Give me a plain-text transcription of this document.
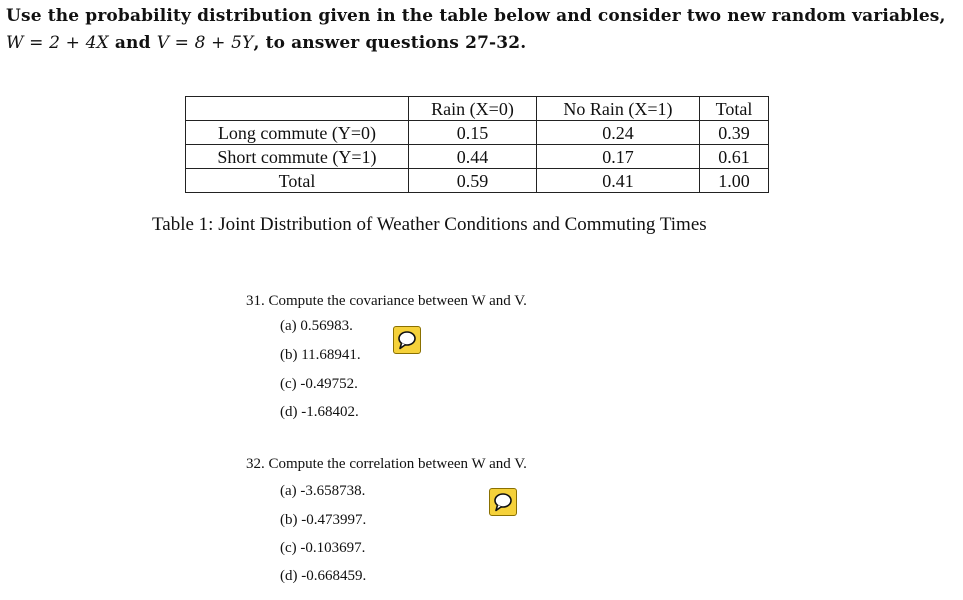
Use the probability distribution given in the table below and consider two new random variables,
W = 2 + 4X and V = 8 + 5Y, to answer questions 27-32.
	Rain (X=0)	No Rain (X=1)	Total
Long commute (Y=0)	0.15	0.24	0.39
Short commute (Y=1)	0.44	0.17	0.61
Total	0.59	0.41	1.00
Table 1: Joint Distribution of Weather Conditions and Commuting Times
31. Compute the covariance between W and V.
(a) 0.56983.
(b) 11.68941.
(c) -0.49752.
(d) -1.68402.
32. Compute the correlation between W and V.
(a) -3.658738.
(b) -0.473997.
(c) -0.103697.
(d) -0.668459.
